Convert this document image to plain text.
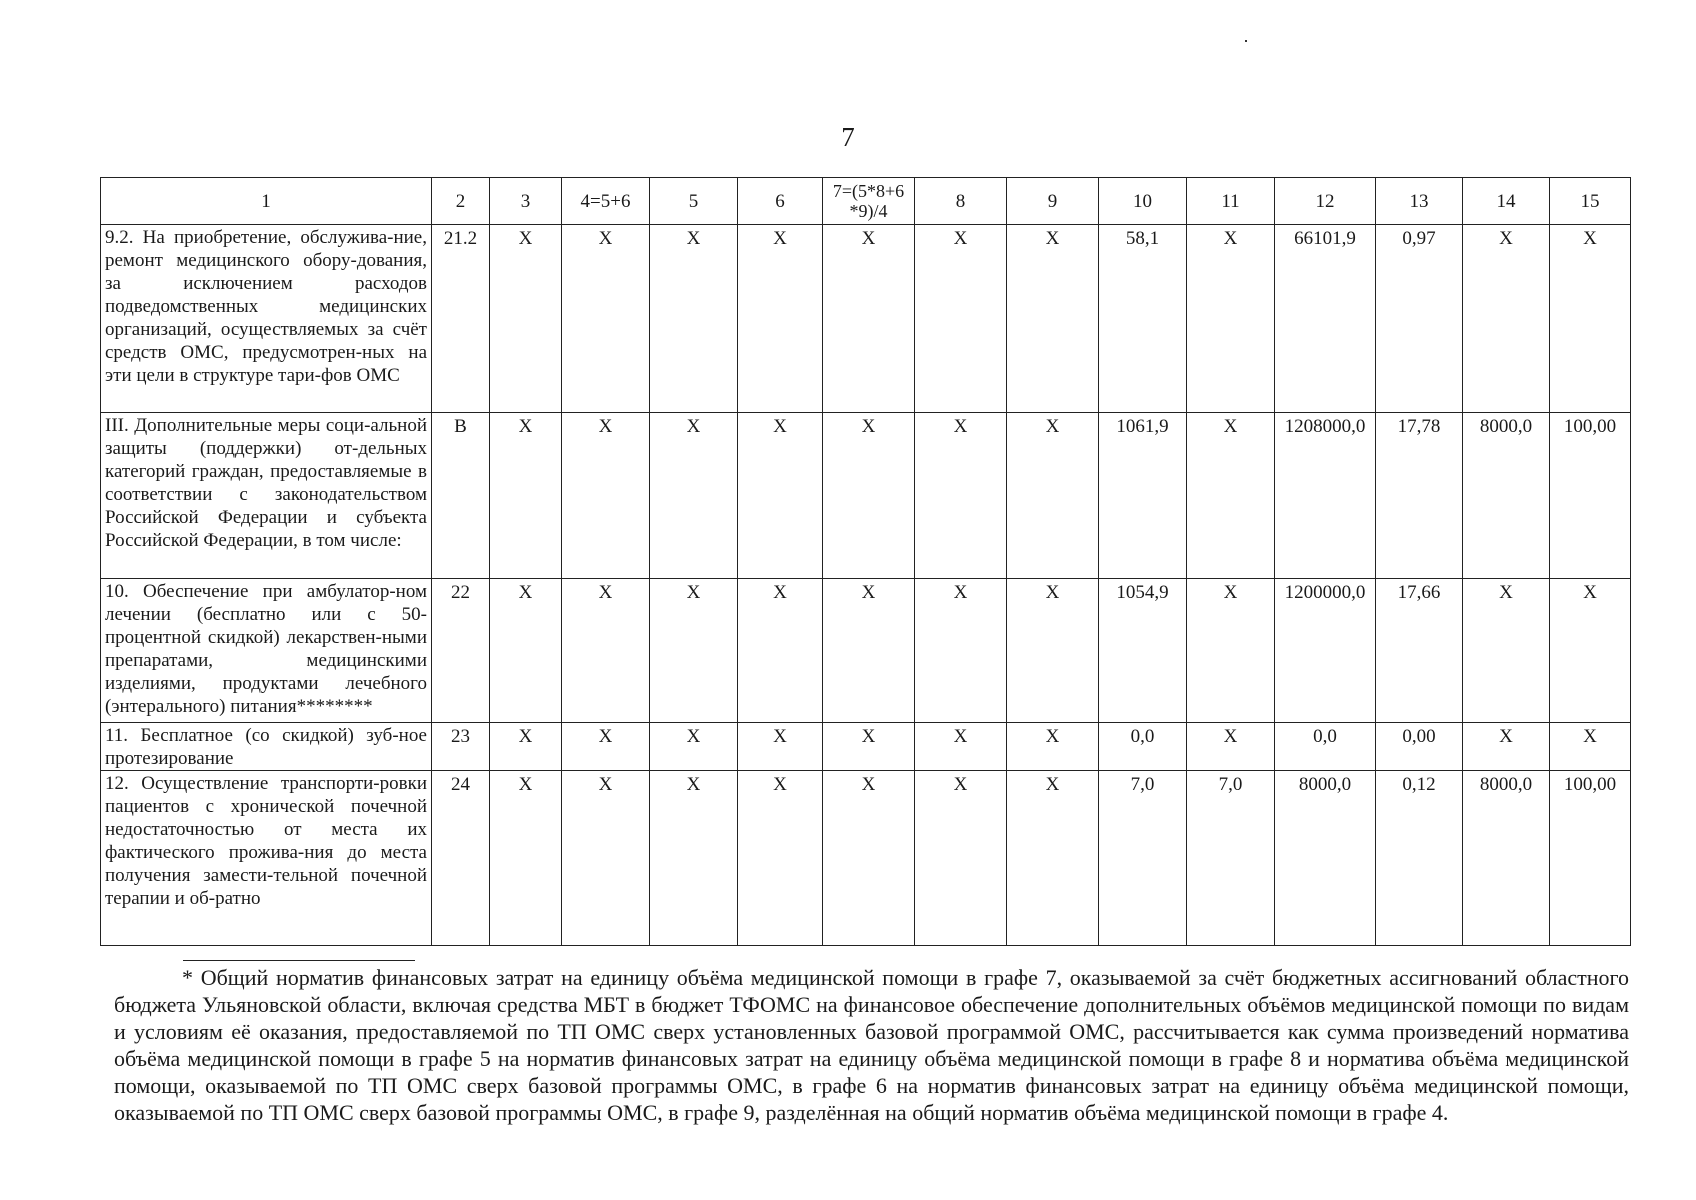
7
1	2	3	4=5+6	5	6	7=(5*8+6 *9)/4	8	9	10	11	12	13	14	15
9.2. На приобретение, обслужива-ние, ремонт медицинского обору-дования, за исключением расходов подведомственных медицинских организаций, осуществляемых за счёт средств ОМС, предусмотрен-ных на эти цели в структуре тари-фов ОМС	21.2	X	X	X	X	X	X	X	58,1	X	66101,9	0,97	X	X
III. Дополнительные меры соци-альной защиты (поддержки) от-дельных категорий граждан, предоставляемые в соответствии с законодательством Российской Федерации и субъекта Российской Федерации, в том числе:	В	X	X	X	X	X	X	X	1061,9	X	1208000,0	17,78	8000,0	100,00
10. Обеспечение при амбулатор-ном лечении (бесплатно или с 50-процентной скидкой) лекарствен-ными препаратами, медицинскими изделиями, продуктами лечебного (энтерального) питания********	22	X	X	X	X	X	X	X	1054,9	X	1200000,0	17,66	X	X
11. Бесплатное (со скидкой) зуб-ное протезирование	23	X	X	X	X	X	X	X	0,0	X	0,0	0,00	X	X
12. Осуществление транспорти-ровки пациентов с хронической почечной недостаточностью от места их фактического прожива-ния до места получения замести-тельной почечной терапии и об-ратно	24	X	X	X	X	X	X	X	7,0	7,0	8000,0	0,12	8000,0	100,00
* Общий норматив финансовых затрат на единицу объёма медицинской помощи в графе 7, оказываемой за счёт бюджетных ассигнований областного бюджета Ульяновской области, включая средства МБТ в бюджет ТФОМС на финансовое обеспечение дополнительных объёмов медицинской помощи по видам и условиям её оказания, предоставляемой по ТП ОМС сверх установленных базовой программой ОМС, рассчитывается как сумма произведений норматива объёма медицинской помощи в графе 5 на норматив финансовых затрат на единицу объёма медицинской помощи в графе 8 и норматива объёма медицинской помощи, оказываемой по ТП ОМС сверх базовой программы ОМС, в графе 6 на норматив финансовых затрат на единицу объёма медицинской помощи, оказываемой по ТП ОМС сверх базовой программы ОМС, в графе 9, разделённая на общий норматив объёма медицинской помощи в графе 4.
